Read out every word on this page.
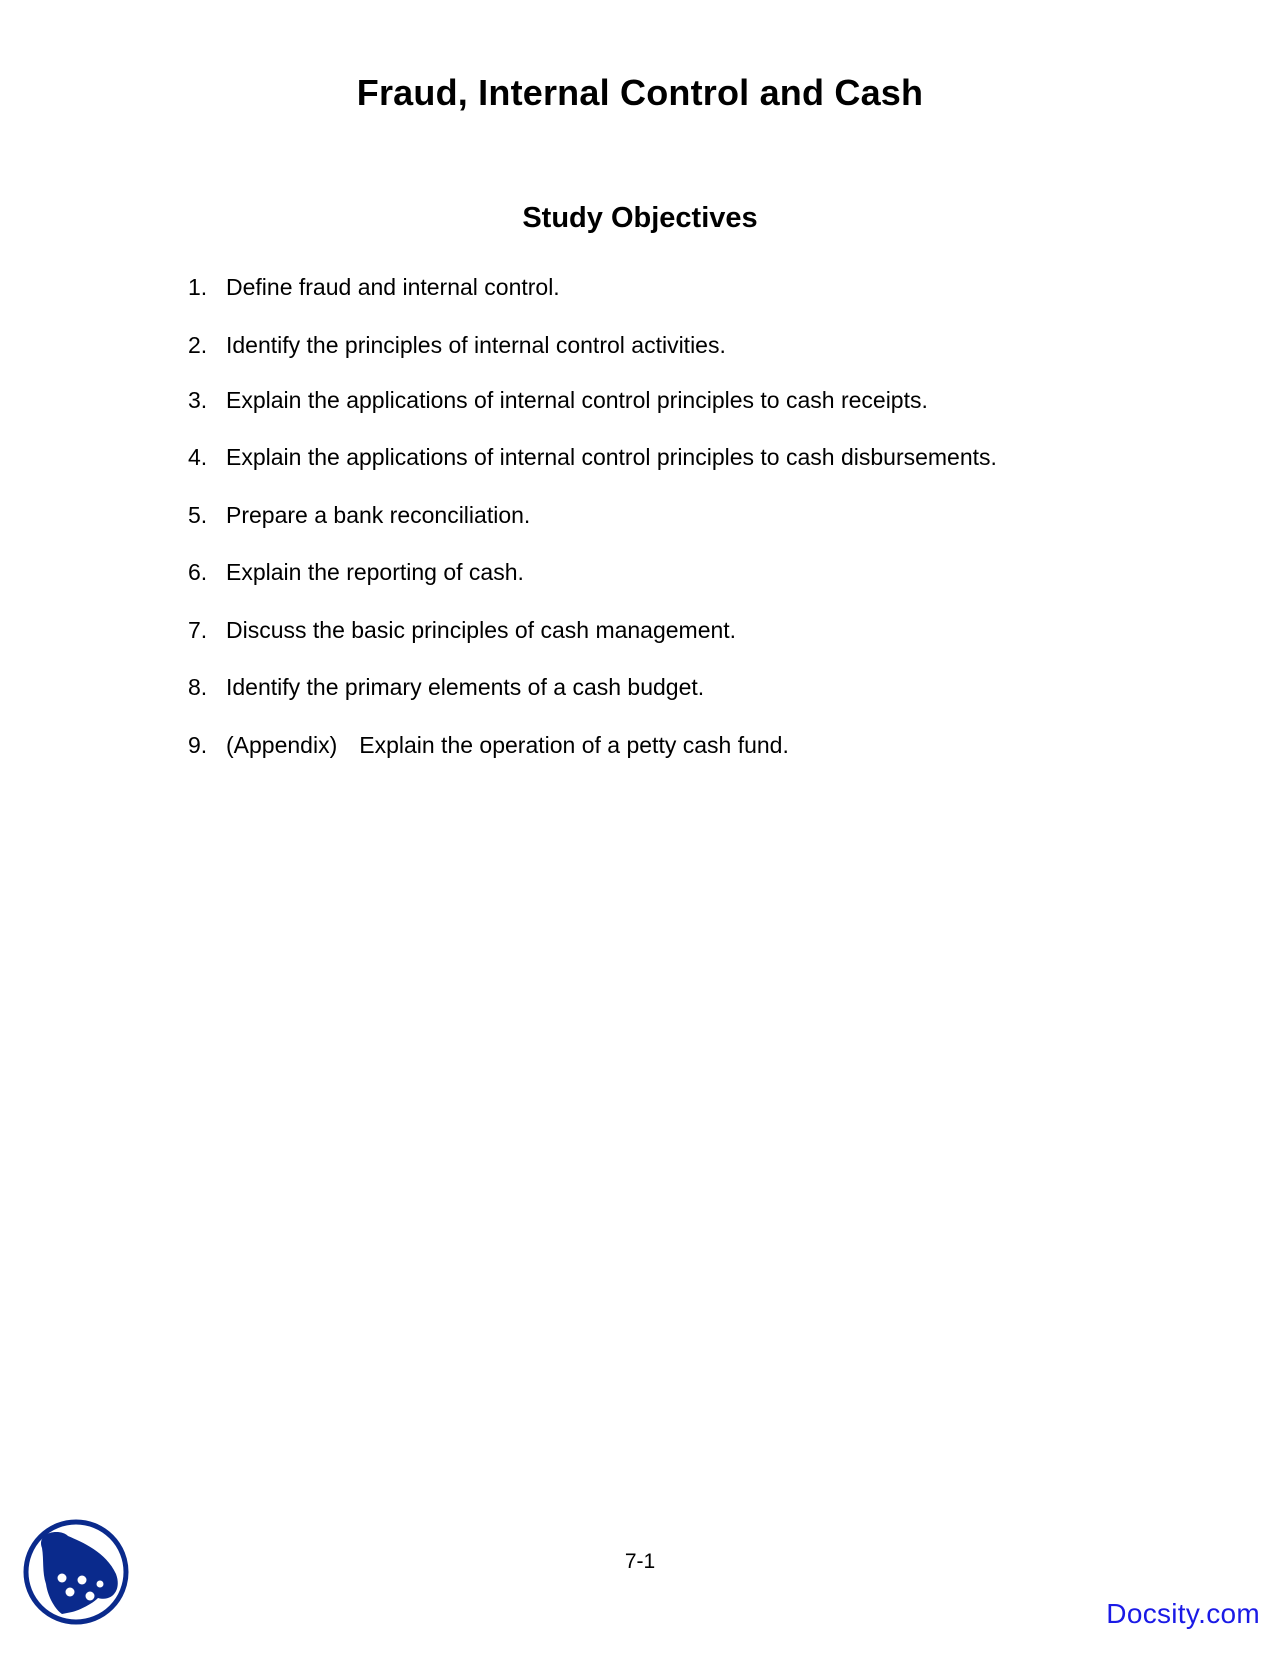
Fraud, Internal Control and Cash
Study Objectives
1. Define fraud and internal control.
2. Identify the principles of internal control activities.
3. Explain the applications of internal control principles to cash receipts.
4. Explain the applications of internal control principles to cash disbursements.
5. Prepare a bank reconciliation.
6. Explain the reporting of cash.
7. Discuss the basic principles of cash management.
8. Identify the primary elements of a cash budget.
9. (Appendix) Explain the operation of a petty cash fund.
7-1
Docsity.com
